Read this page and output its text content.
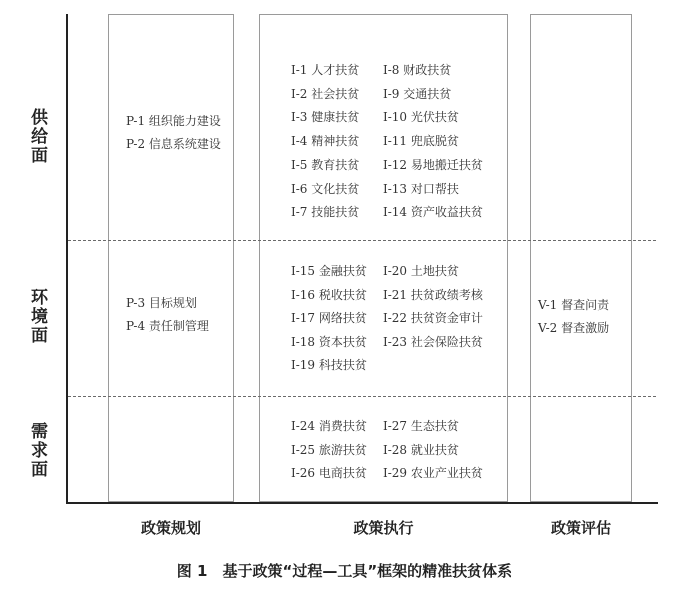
供给面
环境面
需求面
P-1 组织能力建设
P-2 信息系统建设
P-3 目标规划
P-4 责任制管理
I-1 人才扶贫
I-2 社会扶贫
I-3 健康扶贫
I-4 精神扶贫
I-5 教育扶贫
I-6 文化扶贫
I-7 技能扶贫
I-8 财政扶贫
I-9 交通扶贫
I-10 光伏扶贫
I-11 兜底脱贫
I-12 易地搬迁扶贫
I-13 对口帮扶
I-14 资产收益扶贫
I-15 金融扶贫
I-16 税收扶贫
I-17 网络扶贫
I-18 资本扶贫
I-19 科技扶贫
I-20 土地扶贫
I-21 扶贫政绩考核
I-22 扶贫资金审计
I-23 社会保险扶贫
I-24 消费扶贫
I-25 旅游扶贫
I-26 电商扶贫
I-27 生态扶贫
I-28 就业扶贫
I-29 农业产业扶贫
V-1 督查问责
V-2 督查激励
政策规划	政策执行	政策评估
图 1　基于政策“过程—工具”框架的精准扶贫体系
